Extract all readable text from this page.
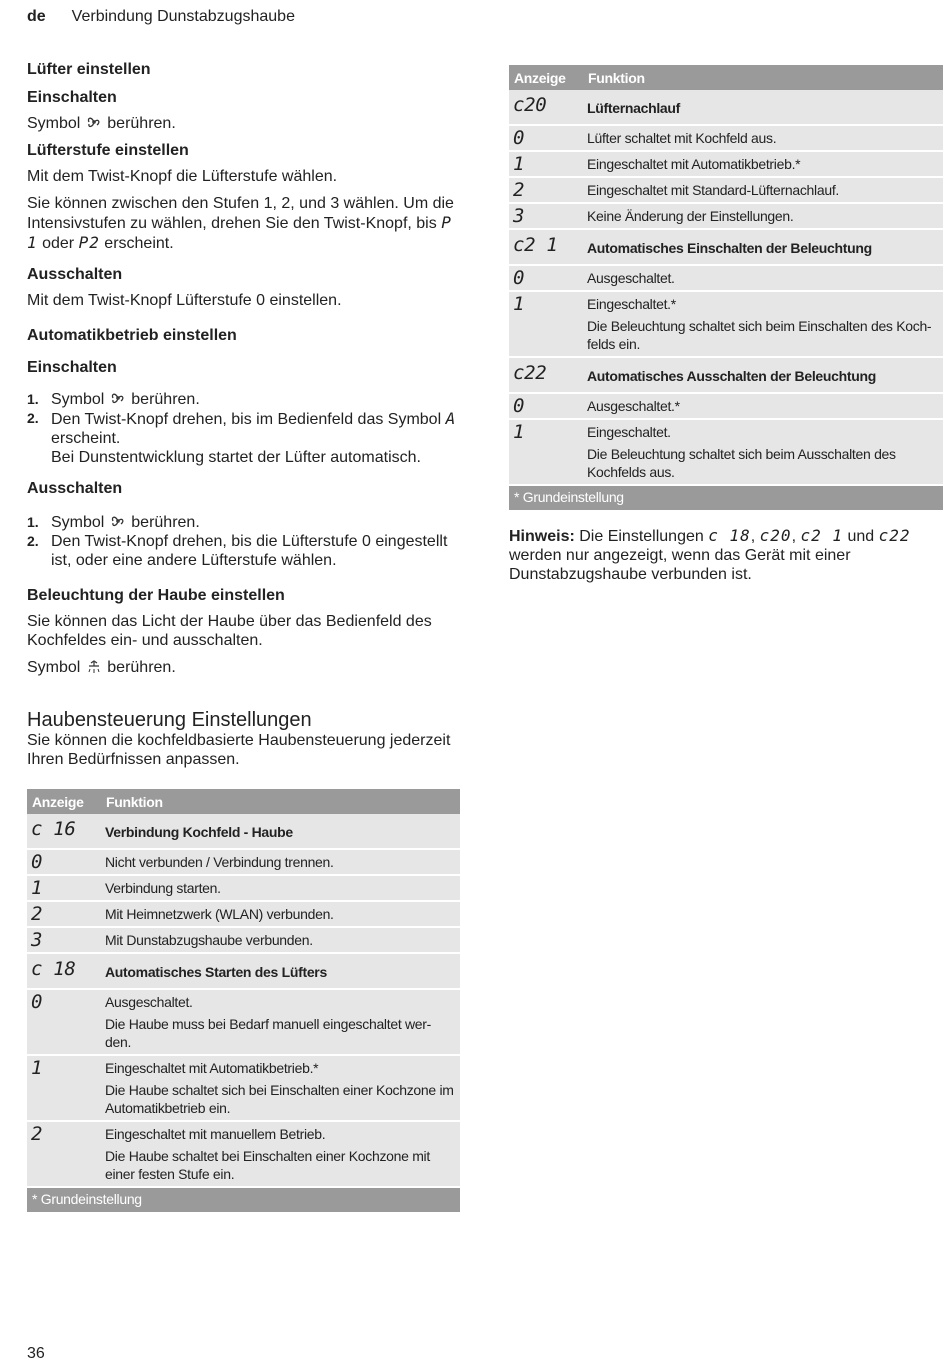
de Verbindung Dunstabzugshaube
Lüfter einstellen
Einschalten

Symbol berühren.

Lüfterstufe einstellen

Mit dem Twist-Knopf die Lüfterstufe wählen.

Sie können zwischen den Stufen 1, 2, und 3 wählen. Um die Intensivstufen zu wählen, drehen Sie den Twist-Knopf, bis P 1 oder P2 erscheint.

Ausschalten

Mit dem Twist-Knopf Lüfterstufe 0 einstellen.

Automatikbetrieb einstellen
Einschalten
1. Symbol berühren.
2. Den Twist-Knopf drehen, bis im Bedienfeld das Symbol A erscheint.
Bei Dunstentwicklung startet der Lüfter automatisch.
Ausschalten
1. Symbol berühren.
2. Den Twist-Knopf drehen, bis die Lüfterstufe 0 eingestellt ist, oder eine andere Lüfterstufe wählen.
Beleuchtung der Haube einstellen

Sie können das Licht der Haube über das Bedienfeld des Kochfeldes ein- und ausschalten.

Symbol berühren.

Haubensteuerung Einstellungen

Sie können die kochfeldbasierte Haubensteuerung jederzeit Ihren Bedürfnissen anpassen.

Anzeige	Funktion
c 16	Verbindung Kochfeld - Haube

0	Nicht verbunden / Verbindung trennen.

1	Verbindung starten.

2	Mit Heimnetzwerk (WLAN) verbunden.

3	Mit Dunstabzugshaube verbunden.

c 18	Automatisches Starten des Lüfters

0	Ausgeschaltet.
Die Haube muss bei Bedarf manuell eingeschaltet wer-den.

1	Eingeschaltet mit Automatikbetrieb.*
Die Haube schaltet sich bei Einschalten einer Kochzone im Automatikbetrieb ein.

2	Eingeschaltet mit manuellem Betrieb.
Die Haube schaltet bei Einschalten einer Kochzone mit einer festen Stufe ein.

* Grundeinstellung	
Anzeige	Funktion
c20	Lüfternachlauf

0	Lüfter schaltet mit Kochfeld aus.

1	Eingeschaltet mit Automatikbetrieb.*

2	Eingeschaltet mit Standard-Lüfternachlauf.

3	Keine Änderung der Einstellungen.

c2 1	Automatisches Einschalten der Beleuchtung

0	Ausgeschaltet.

1	Eingeschaltet.*
Die Beleuchtung schaltet sich beim Einschalten des Koch-felds ein.

c22	Automatisches Ausschalten der Beleuchtung

0	Ausgeschaltet.*

1	Eingeschaltet.
Die Beleuchtung schaltet sich beim Ausschalten des Kochfelds aus.

* Grundeinstellung	

Hinweis: Die Einstellungen c 18, c20, c2 1 und c22 werden nur angezeigt, wenn das Gerät mit einer Dunstabzugshaube verbunden ist.

36
